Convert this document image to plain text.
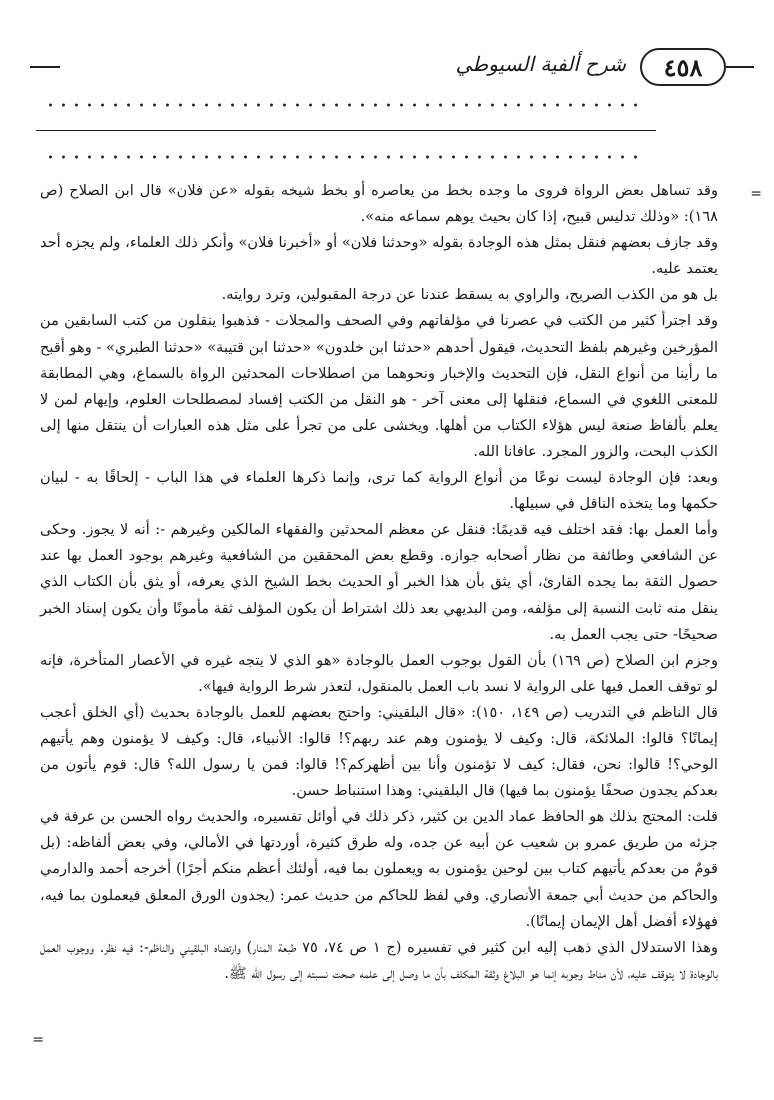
٤٥٨
شرح ألفية السيوطي
=

وقد تساهل بعض الرواة فروى ما وجده بخط من يعاصره أو بخط شيخه بقوله «عن فلان» قال ابن الصلاح (ص ١٦٨): «وذلك تدليس قبيح، إذا كان بحيث يوهم سماعه منه».

وقد جازف بعضهم فنقل بمثل هذه الوجادة بقوله «وحدثنا فلان» أو «أخبرنا فلان» وأنكر ذلك العلماء، ولم يجزه أحد يعتمد عليه.

بل هو من الكذب الصريح، والراوي به يسقط عندنا عن درجة المقبولين، وترد روايته.

وقد اجترأ كثير من الكتب في عصرنا في مؤلفاتهم وفي الصحف والمجلات - فذهبوا ينقلون من كتب السابقين من المؤرخين وغيرهم بلفظ التحديث، فيقول أحدهم «حدثنا ابن خلدون» «حدثنا ابن قتيبة» «حدثنا الطبري» - وهو أقبح ما رأينا من أنواع النقل، فإن التحديث والإخبار ونحوهما من اصطلاحات المحدثين الرواة بالسماع، وهي المطابقة للمعنى اللغوي في السماع، فنقلها إلى معنى آخر - هو النقل من الكتب إفساد لمصطلحات العلوم، وإيهام لمن لا يعلم بألفاظ صنعة ليس هؤلاء الكتاب من أهلها. ويخشى على من تجرأ على مثل هذه العبارات أن ينتقل منها إلى الكذب البحت، والزور المجرد. عافانا الله.

وبعد: فإن الوجادة ليست نوعًا من أنواع الرواية كما ترى، وإنما ذكرها العلماء في هذا الباب - إلحاقًا به - لبيان حكمها وما يتخذه الناقل في سبيلها.

وأما العمل بها: فقد اختلف فيه قديمًا: فنقل عن معظم المحدثين والفقهاء المالكين وغيرهم -: أنه لا يجوز. وحكى عن الشافعي وطائفة من نظار أصحابه جوازه. وقطع بعض المحققين من الشافعية وغيرهم بوجود العمل بها عند حصول الثقة بما يجده القارئ، أي يثق بأن هذا الخبر أو الحديث بخط الشيخ الذي يعرفه، أو يثق بأن الكتاب الذي ينقل منه ثابت النسبة إلى مؤلفه، ومن البديهي بعد ذلك اشتراط أن يكون المؤلف ثقة مأمونًا وأن يكون إسناد الخبر صحيحًا- حتى يجب العمل به.

وجزم ابن الصلاح (ص ١٦٩) بأن القول بوجوب العمل بالوجادة «هو الذي لا يتجه غيره في الأعصار المتأخرة، فإنه لو توقف العمل فيها على الرواية لا نسد باب العمل بالمنقول، لتعذر شرط الرواية فيها».

قال الناظم في التدريب (ص ١٤٩، ١٥٠): «قال البلقيني: واحتج بعضهم للعمل بالوجادة بحديث (أي الخلق أعجب إيمانًا؟ قالوا: الملائكة، قال: وكيف لا يؤمنون وهم عند ربهم؟! قالوا: الأنبياء، قال: وكيف لا يؤمنون وهم يأتيهم الوحي؟! قالوا: نحن، فقال: كيف لا تؤمنون وأنا بين أظهركم؟! قالوا: فمن يا رسول الله؟ قال: قوم يأتون من بعدكم يجدون صحفًا يؤمنون بما فيها) قال البلقيني: وهذا استنباط حسن.

قلت: المحتج بذلك هو الحافظ عماد الدين بن كثير، ذكر ذلك في أوائل تفسيره، والحديث رواه الحسن بن عرفة في جزئه من طريق عمرو بن شعيب عن أبيه عن جده، وله طرق كثيرة، أوردتها في الأمالي، وفي بعض ألفاظه: (بل قومٌ من بعدكم يأتيهم كتاب بين لوحين يؤمنون به ويعملون بما فيه، أولئك أعظم منكم أجرًا) أخرجه أحمد والدارمي والحاكم من حديث أبي جمعة الأنصاري. وفي لفظ للحاكم من حديث عمر: (يجدون الورق المعلق فيعملون بما فيه، فهؤلاء أفضل أهل الإيمان إيمانًا).

وهذا الاستدلال الذي ذهب إليه ابن كثير في تفسيره (ج ١ ص ٧٤، ٧٥ طبعة المنار) وارتضاه البلقيني والناظم-: فيه نظر. ووجوب العمل بالوجادة لا يتوقف عليه، لأن مناط وجوبه إنما هو البلاغ وثقة المكلف بأن ما وصل إلى علمه صحت نسبته إلى رسول الله ﷺ.

=
